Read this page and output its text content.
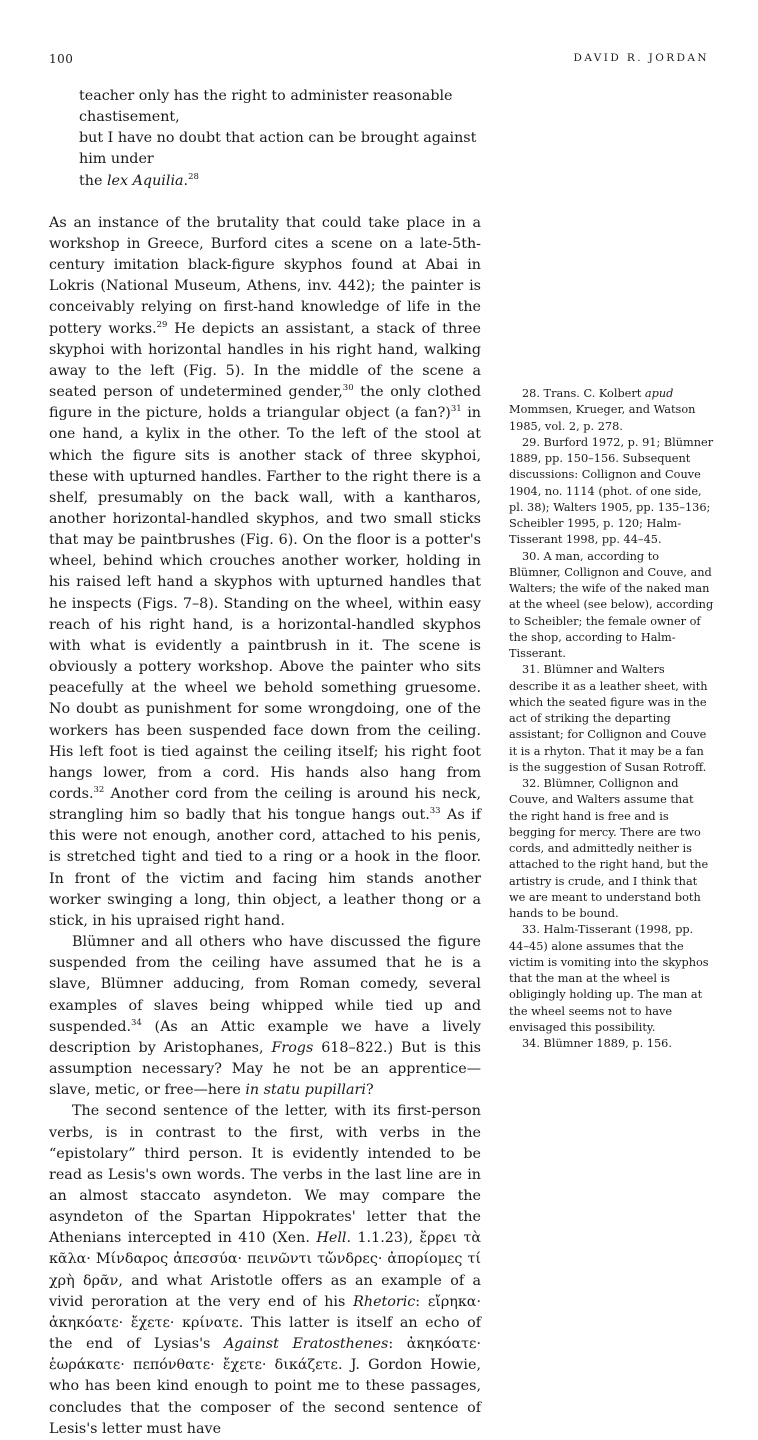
100	DAVID R. JORDAN

teacher only has the right to administer reasonable chastisement,
but I have no doubt that action can be brought against him under
the lex Aquilia.$^{28}$

As an instance of the brutality that could take place in a workshop in Greece, Burford cites a scene on a late-5th-century imitation black-figure skyphos found at Abai in Lokris (National Museum, Athens, inv. 442); the painter is conceivably relying on first-hand knowledge of life in the pottery works.$^{29}$ He depicts an assistant, a stack of three skyphoi with horizontal handles in his right hand, walking away to the left (Fig. 5). In the middle of the scene a seated person of undetermined gender,$^{30}$ the only clothed figure in the picture, holds a triangular object (a fan?)$^{31}$ in one hand, a kylix in the other. To the left of the stool at which the figure sits is another stack of three skyphoi, these with upturned handles. Farther to the right there is a shelf, presumably on the back wall, with a kantharos, another horizontal-handled skyphos, and two small sticks that may be paintbrushes (Fig. 6). On the floor is a potter's wheel, behind which crouches another worker, holding in his raised left hand a skyphos with upturned handles that he inspects (Figs. 7–8). Standing on the wheel, within easy reach of his right hand, is a horizontal-handled skyphos with what is evidently a paintbrush in it. The scene is obviously a pottery workshop. Above the painter who sits peacefully at the wheel we behold something gruesome. No doubt as punishment for some wrongdoing, one of the workers has been suspended face down from the ceiling. His left foot is tied against the ceiling itself; his right foot hangs lower, from a cord. His hands also hang from cords.$^{32}$ Another cord from the ceiling is around his neck, strangling him so badly that his tongue hangs out.$^{33}$ As if this were not enough, another cord, attached to his penis, is stretched tight and tied to a ring or a hook in the floor. In front of the victim and facing him stands another worker swinging a long, thin object, a leather thong or a stick, in his upraised right hand.

Blümner and all others who have discussed the figure suspended from the ceiling have assumed that he is a slave, Blümner adducing, from Roman comedy, several examples of slaves being whipped while tied up and suspended.$^{34}$ (As an Attic example we have a lively description by Aristophanes, Frogs 618–822.) But is this assumption necessary? May he not be an apprentice—slave, metic, or free—here in statu pupillari?

The second sentence of the letter, with its first-person verbs, is in contrast to the first, with verbs in the “epistolary” third person. It is evidently intended to be read as Lesis's own words. The verbs in the last line are in an almost staccato asyndeton. We may compare the asyndeton of the Spartan Hippokrates' letter that the Athenians intercepted in 410 (Xen. Hell. 1.1.23), ἔρρει τὰ κᾶλα· Μίνδαρος ἀπεσσύα· πεινῶντι τὤνδρες· ἀπορίομες τί χρὴ δρᾶν, and what Aristotle offers as an example of a vivid peroration at the very end of his Rhetoric: εἴρηκα· ἀκηκόατε· ἔχετε· κρίνατε. This latter is itself an echo of the end of Lysias's Against Eratosthenes: ἀκηκόατε· ἑωράκατε· πεπόνθατε· ἔχετε· δικάζετε. J. Gordon Howie, who has been kind enough to point me to these passages, concludes that the composer of the second sentence of Lesis's letter must have

28. Trans. C. Kolbert apud Mommsen, Krueger, and Watson 1985, vol. 2, p. 278.

29. Burford 1972, p. 91; Blümner 1889, pp. 150–156. Subsequent discussions: Collignon and Couve 1904, no. 1114 (phot. of one side, pl. 38); Walters 1905, pp. 135–136; Scheibler 1995, p. 120; Halm-Tisserant 1998, pp. 44–45.

30. A man, according to Blümner, Collignon and Couve, and Walters; the wife of the naked man at the wheel (see below), according to Scheibler; the female owner of the shop, according to Halm-Tisserant.

31. Blümner and Walters describe it as a leather sheet, with which the seated figure was in the act of striking the departing assistant; for Collignon and Couve it is a rhyton. That it may be a fan is the suggestion of Susan Rotroff.

32. Blümner, Collignon and Couve, and Walters assume that the right hand is free and is begging for mercy. There are two cords, and admittedly neither is attached to the right hand, but the artistry is crude, and I think that we are meant to understand both hands to be bound.

33. Halm-Tisserant (1998, pp. 44–45) alone assumes that the victim is vomiting into the skyphos that the man at the wheel is obligingly holding up. The man at the wheel seems not to have envisaged this possibility.

34. Blümner 1889, p. 156.
